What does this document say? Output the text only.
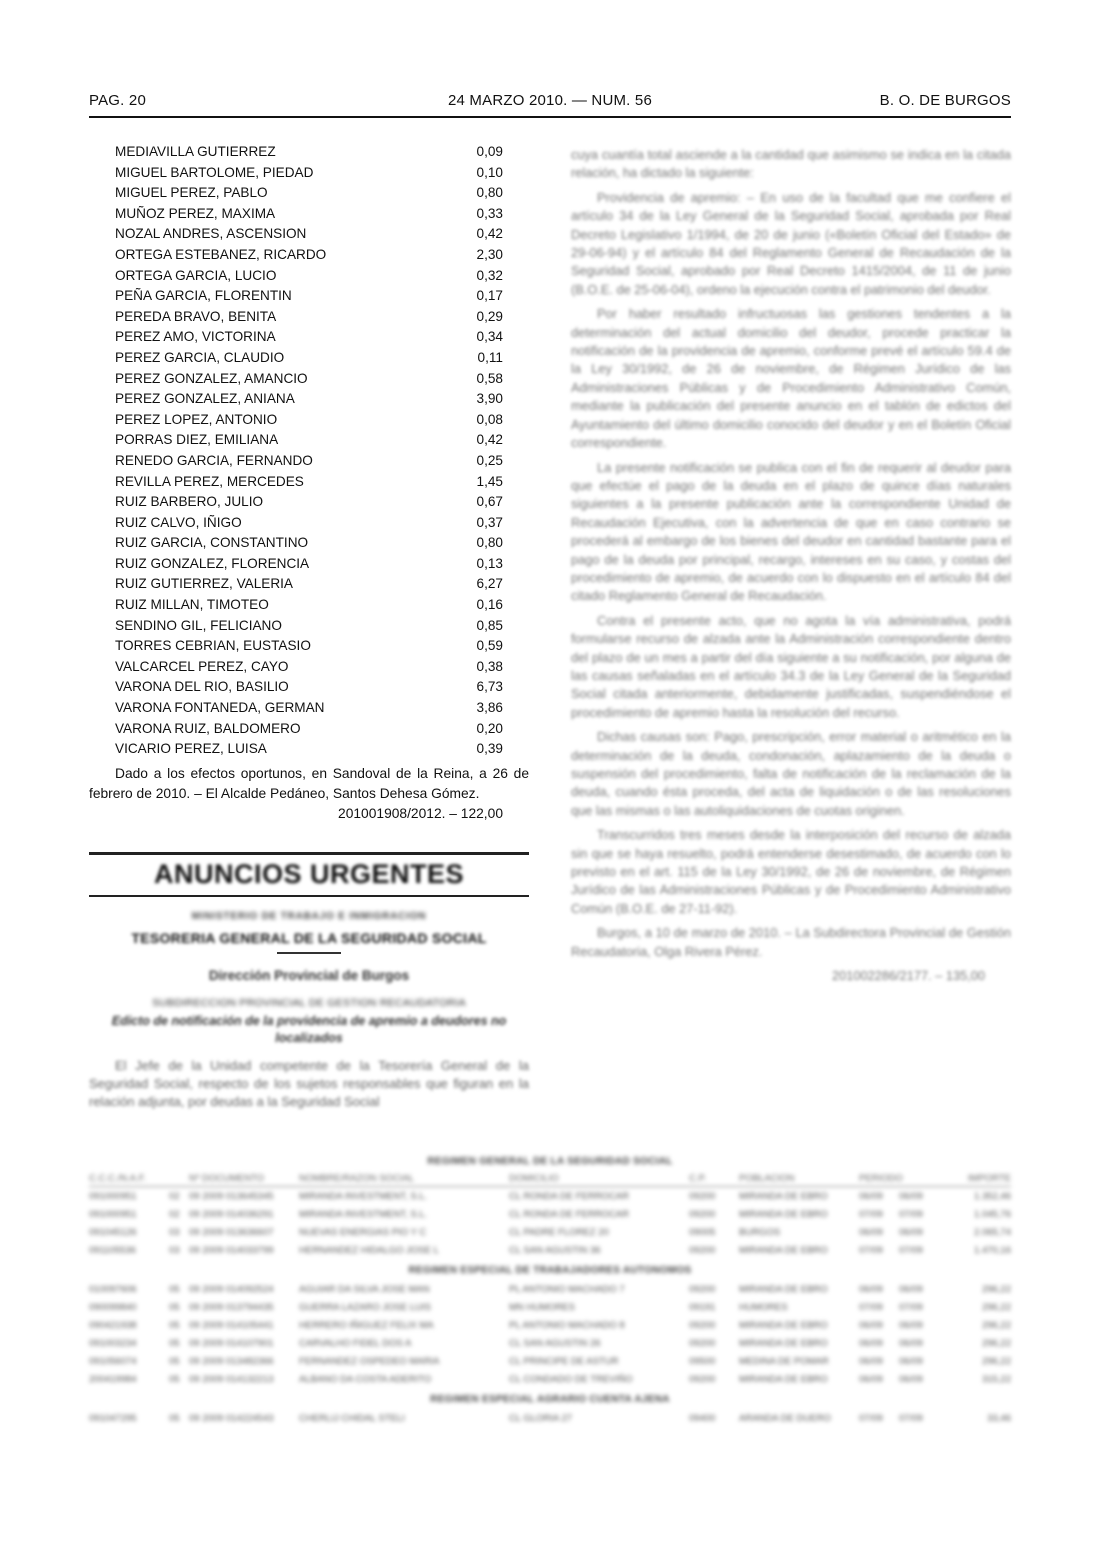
PAG. 20	24 MARZO 2010. — NUM. 56	B. O. DE BURGOS
MEDIAVILLA GUTIERREZ	0,09
MIGUEL BARTOLOME, PIEDAD	0,10
MIGUEL PEREZ, PABLO	0,80
MUÑOZ PEREZ, MAXIMA	0,33
NOZAL ANDRES, ASCENSION	0,42
ORTEGA ESTEBANEZ, RICARDO	2,30
ORTEGA GARCIA, LUCIO	0,32
PEÑA GARCIA, FLORENTIN	0,17
PEREDA BRAVO, BENITA	0,29
PEREZ AMO, VICTORINA	0,34
PEREZ GARCIA, CLAUDIO	0,11
PEREZ GONZALEZ, AMANCIO	0,58
PEREZ GONZALEZ, ANIANA	3,90
PEREZ LOPEZ, ANTONIO	0,08
PORRAS DIEZ, EMILIANA	0,42
RENEDO GARCIA, FERNANDO	0,25
REVILLA PEREZ, MERCEDES	1,45
RUIZ BARBERO, JULIO	0,67
RUIZ CALVO, IÑIGO	0,37
RUIZ GARCIA, CONSTANTINO	0,80
RUIZ GONZALEZ, FLORENCIA	0,13
RUIZ GUTIERREZ, VALERIA	6,27
RUIZ MILLAN, TIMOTEO	0,16
SENDINO GIL, FELICIANO	0,85
TORRES CEBRIAN, EUSTASIO	0,59
VALCARCEL PEREZ, CAYO	0,38
VARONA DEL RIO, BASILIO	6,73
VARONA FONTANEDA, GERMAN	3,86
VARONA RUIZ, BALDOMERO	0,20
VICARIO PEREZ, LUISA	0,39
Dado a los efectos oportunos, en Sandoval de la Reina, a 26 de febrero de 2010. – El Alcalde Pedáneo, Santos Dehesa Gómez.
201001908/2012. – 122,00
ANUNCIOS URGENTES
MINISTERIO DE TRABAJO E INMIGRACION
TESORERIA GENERAL DE LA SEGURIDAD SOCIAL
Dirección Provincial de Burgos
SUBDIRECCION PROVINCIAL DE GESTION RECAUDATORIA
Edicto de notificación de la providencia de apremio a deudores no localizados
El Jefe de la Unidad competente de la Tesorería General de la Seguridad Social, respecto de los sujetos responsables que figuran en la relación adjunta, por deudas a la Seguridad Social

cuya cuantía total asciende a la cantidad que asimismo se indica en la citada relación, ha dictado la siguiente:

Providencia de apremio: – En uso de la facultad que me confiere el artículo 34 de la Ley General de la Seguridad Social, aprobada por Real Decreto Legislativo 1/1994, de 20 de junio («Boletín Oficial del Estado» de 29-06-94) y el artículo 84 del Reglamento General de Recaudación de la Seguridad Social, aprobado por Real Decreto 1415/2004, de 11 de junio (B.O.E. de 25-06-04), ordeno la ejecución contra el patrimonio del deudor.

Por haber resultado infructuosas las gestiones tendentes a la determinación del actual domicilio del deudor, procede practicar la notificación de la providencia de apremio, conforme prevé el artículo 59.4 de la Ley 30/1992, de 26 de noviembre, de Régimen Jurídico de las Administraciones Públicas y de Procedimiento Administrativo Común, mediante la publicación del presente anuncio en el tablón de edictos del Ayuntamiento del último domicilio conocido del deudor y en el Boletín Oficial correspondiente.

La presente notificación se publica con el fin de requerir al deudor para que efectúe el pago de la deuda en el plazo de quince días naturales siguientes a la presente publicación ante la correspondiente Unidad de Recaudación Ejecutiva, con la advertencia de que en caso contrario se procederá al embargo de los bienes del deudor en cantidad bastante para el pago de la deuda por principal, recargo, intereses en su caso, y costas del procedimiento de apremio, de acuerdo con lo dispuesto en el artículo 84 del citado Reglamento General de Recaudación.

Contra el presente acto, que no agota la vía administrativa, podrá formularse recurso de alzada ante la Administración correspondiente dentro del plazo de un mes a partir del día siguiente a su notificación, por alguna de las causas señaladas en el artículo 34.3 de la Ley General de la Seguridad Social citada anteriormente, debidamente justificadas, suspendiéndose el procedimiento de apremio hasta la resolución del recurso.

Dichas causas son: Pago, prescripción, error material o aritmético en la determinación de la deuda, condonación, aplazamiento de la deuda o suspensión del procedimiento, falta de notificación de la reclamación de la deuda, cuando ésta proceda, del acta de liquidación o de las resoluciones que las mismas o las autoliquidaciones de cuotas originen.

Transcurridos tres meses desde la interposición del recurso de alzada sin que se haya resuelto, podrá entenderse desestimado, de acuerdo con lo previsto en el art. 115 de la Ley 30/1992, de 26 de noviembre, de Régimen Jurídico de las Administraciones Públicas y de Procedimiento Administrativo Común (B.O.E. de 27-11-92).

Burgos, a 10 de marzo de 2010. – La Subdirectora Provincial de Gestión Recaudatoria, Olga Rivera Pérez.

201002286/2177. – 135,00
REGIMEN GENERAL DE LA SEGURIDAD SOCIAL
C.C.C./N.A.F.		Nº DOCUMENTO	NOMBRE/RAZON SOCIAL	DOMICILIO	C.P.	POBLACION	PERIODO		IMPORTE
091000951	02	09 2009 013645345	MIRANDA INVESTMENT, S.L.	CL RONDA DE FERROCAR	09200	MIRANDA DE EBRO	06/09	06/09	1.352,46
091000951	02	09 2009 014036291	MIRANDA INVESTMENT, S.L.	CL RONDA DE FERROCAR	09200	MIRANDA DE EBRO	07/09	07/09	1.045,76
091045126	03	09 2009 013636607	NUEVAS ENERGIAS PIO Y C	CL PADRE FLOREZ 20	09005	BURGOS	06/09	06/09	2.065,74
091105536	03	09 2009 014033799	HERNANDEZ HIDALGO JOSE L	CL SAN AGUSTIN 36	09200	MIRANDA DE EBRO	07/09	07/09	1.470,16
REGIMEN ESPECIAL DE TRABAJADORES AUTONOMOS
010097606	05	09 2009 014092524	AGUIAR DA SILVA JOSE MAN	PL ANTONIO MACHADO 7	09200	MIRANDA DE EBRO	06/09	06/09	296,22
090099840	05	09 2009 013794435	GUERRA LAZARO JOSE LUIS	MN HUMORES	09191	HUMORES	07/09	07/09	296,22
090421938	05	09 2009 014105441	HERRERO IÑIGUEZ FELIX MA	PL ANTONIO MACHADO 8	09200	MIRANDA DE EBRO	06/09	06/09	296,22
091003234	05	09 2009 014107901	CARVALHO FIDEL DOS A	CL SAN AGUSTIN 26	09200	MIRANDA DE EBRO	06/09	06/09	296,22
091056074	05	09 2009 013482366	FERNANDEZ OSPEDEO MARIA	CL PRINCIPE DE ASTUR	09500	MEDINA DE POMAR	06/09	06/09	296,22
200419984	05	09 2009 014132213	ALBANO DA COSTA ADERITO	CL CONDADO DE TREVIÑO	09200	MIRANDA DE EBRO	06/09	06/09	315,22
REGIMEN ESPECIAL AGRARIO CUENTA AJENA
091047295	05	09 2009 014224543	CHERLIJ CHIDAL STELI	CL GLORIA 27	09400	ARANDA DE DUERO	07/09	07/09	33,46
